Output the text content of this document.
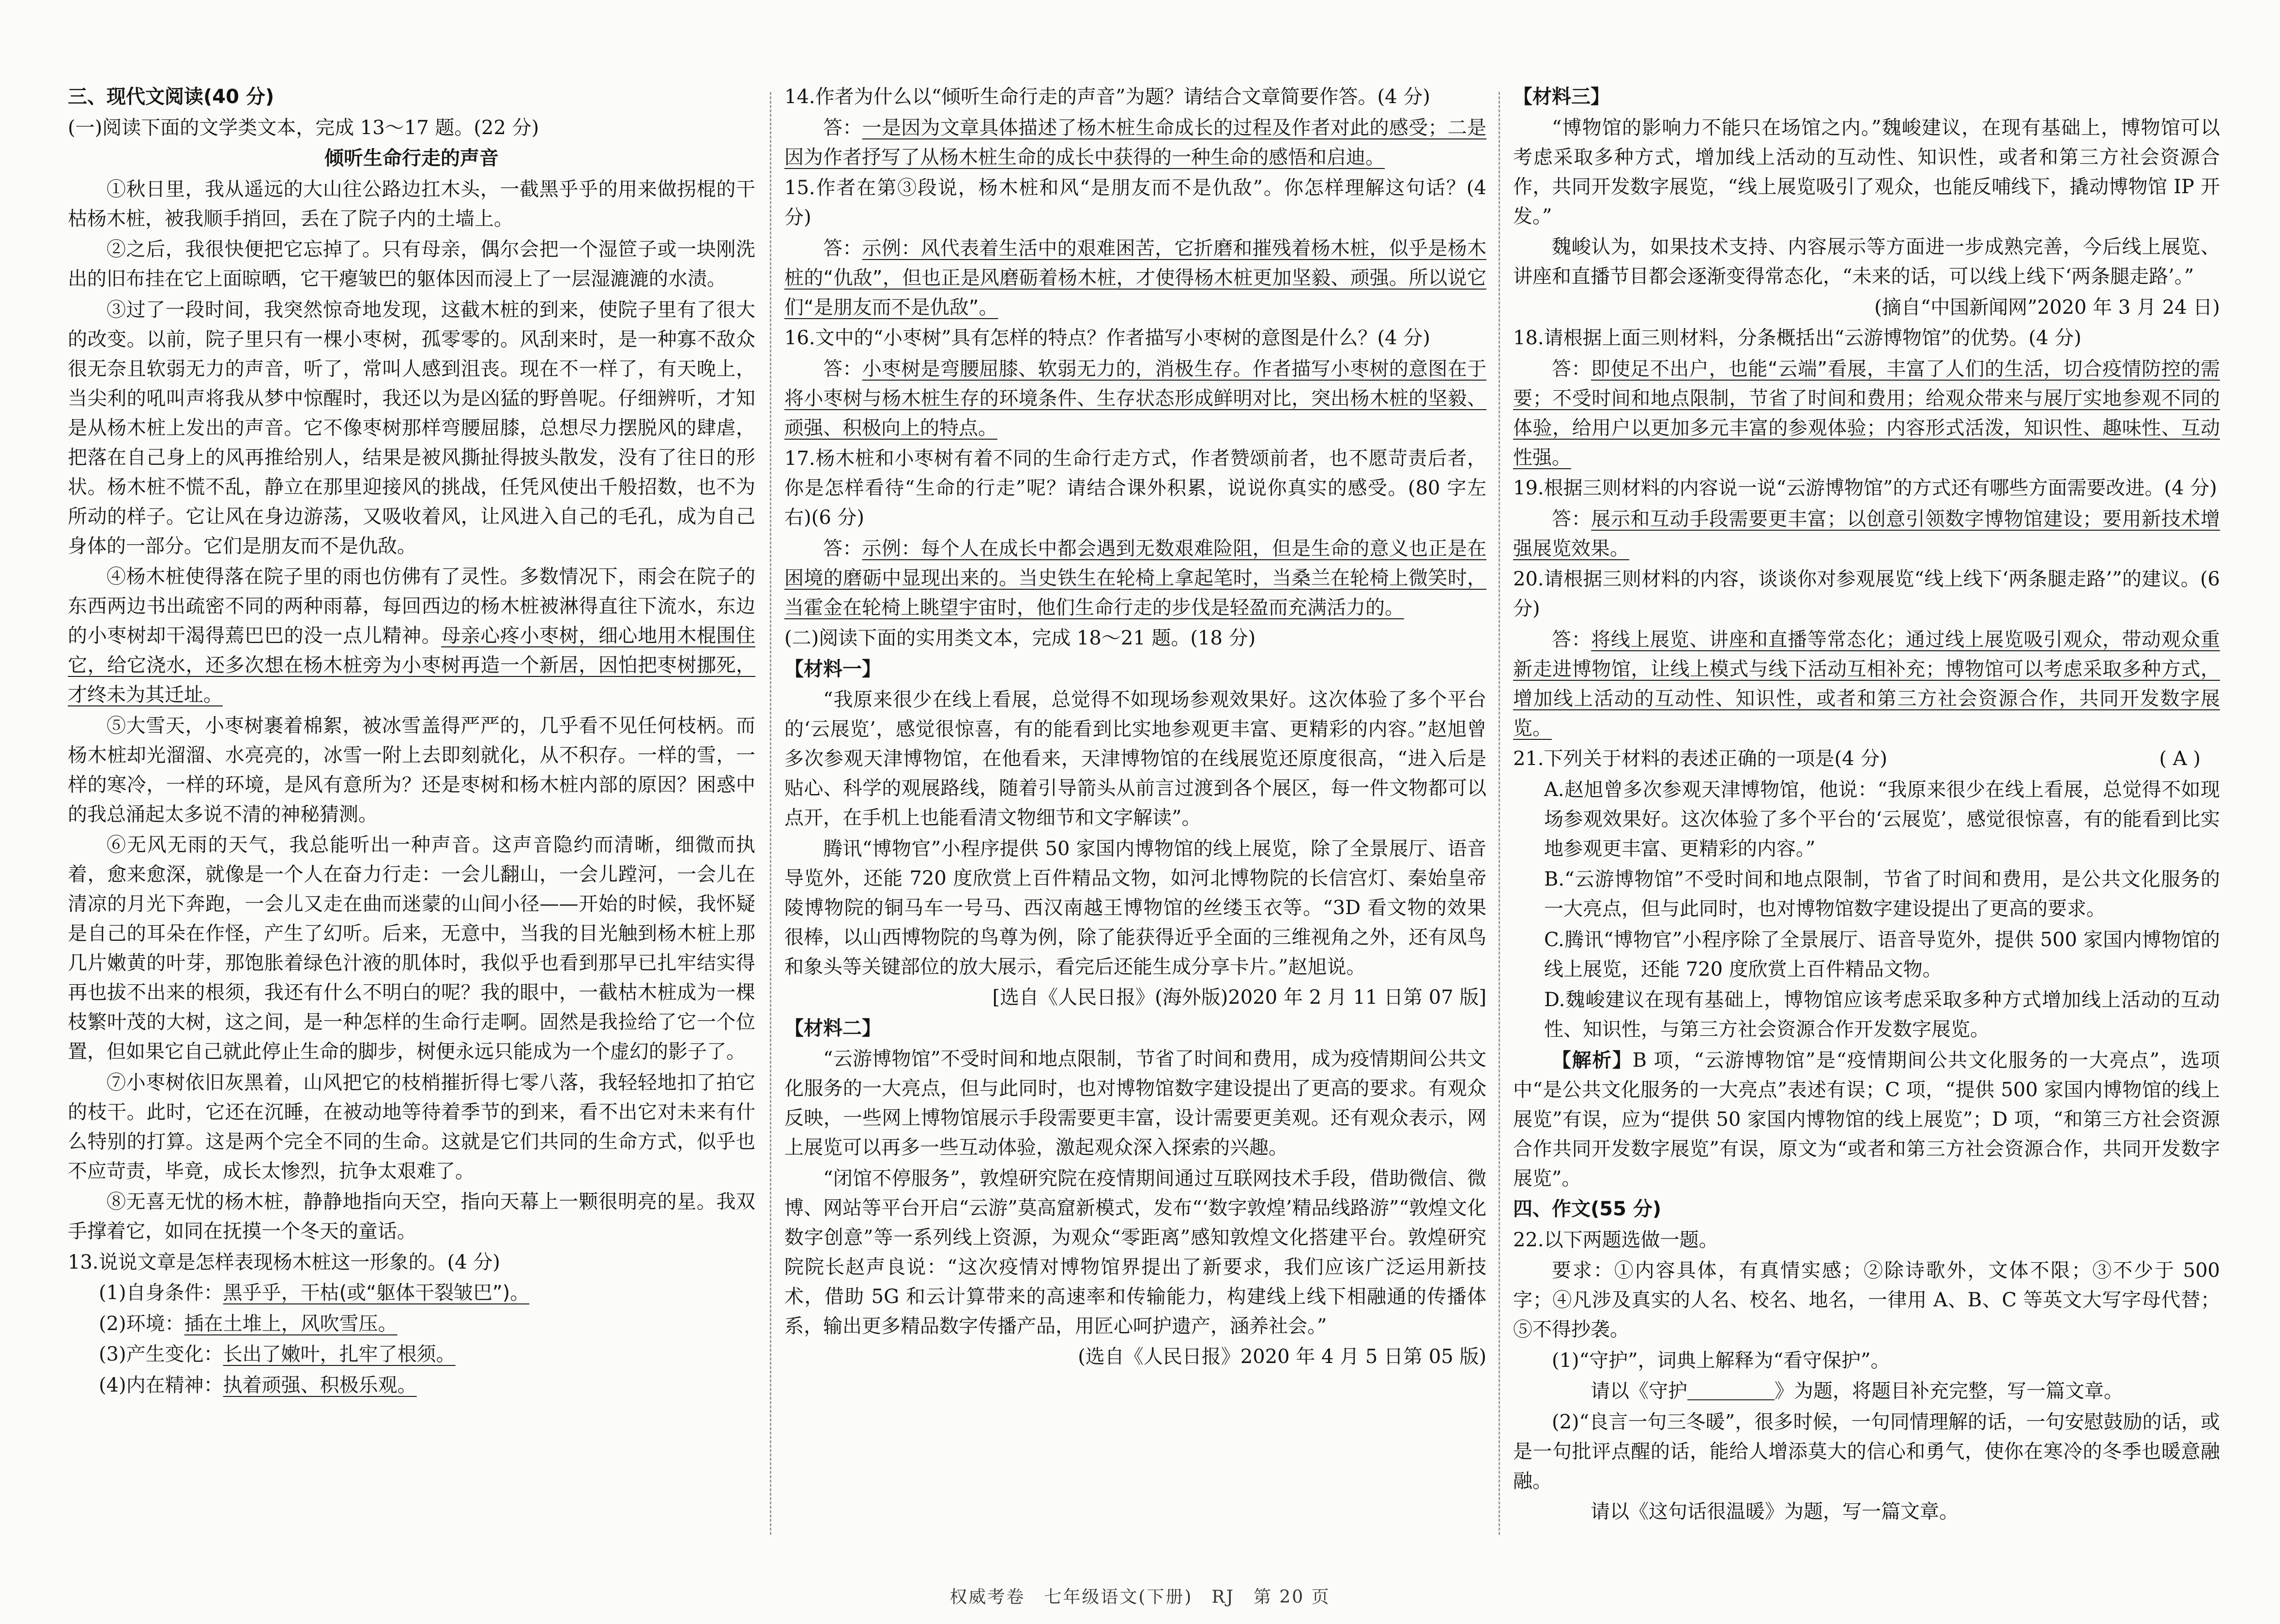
三、现代文阅读(40 分)

(一)阅读下面的文学类文本，完成 13～17 题。(22 分)

倾听生命行走的声音

①秋日里，我从遥远的大山往公路边扛木头，一截黑乎乎的用来做拐棍的干枯杨木桩，被我顺手捎回，丢在了院子内的土墙上。

②之后，我很快便把它忘掉了。只有母亲，偶尔会把一个湿笸子或一块刚洗出的旧布挂在它上面晾晒，它干瘪皱巴的躯体因而浸上了一层湿漉漉的水渍。

③过了一段时间，我突然惊奇地发现，这截木桩的到来，使院子里有了很大的改变。以前，院子里只有一棵小枣树，孤零零的。风刮来时，是一种寡不敌众很无奈且软弱无力的声音，听了，常叫人感到沮丧。现在不一样了，有天晚上，当尖利的吼叫声将我从梦中惊醒时，我还以为是凶猛的野兽呢。仔细辨听，才知是从杨木桩上发出的声音。它不像枣树那样弯腰屈膝，总想尽力摆脱风的肆虐，把落在自己身上的风再推给别人，结果是被风撕扯得披头散发，没有了往日的形状。杨木桩不慌不乱，静立在那里迎接风的挑战，任凭风使出千般招数，也不为所动的样子。它让风在身边游荡，又吸收着风，让风进入自己的毛孔，成为自己身体的一部分。它们是朋友而不是仇敌。

④杨木桩使得落在院子里的雨也仿佛有了灵性。多数情况下，雨会在院子的东西两边书出疏密不同的两种雨幕，每回西边的杨木桩被淋得直往下流水，东边的小枣树却干渴得蔫巴巴的没一点儿精神。母亲心疼小枣树，细心地用木棍围住它，给它浇水，还多次想在杨木桩旁为小枣树再造一个新居，因怕把枣树挪死，才终未为其迁址。

⑤大雪天，小枣树裹着棉絮，被冰雪盖得严严的，几乎看不见任何枝柄。而杨木桩却光溜溜、水亮亮的，冰雪一附上去即刻就化，从不积存。一样的雪，一样的寒冷，一样的环境，是风有意所为？还是枣树和杨木桩内部的原因？困惑中的我总涌起太多说不清的神秘猜测。

⑥无风无雨的天气，我总能听出一种声音。这声音隐约而清晰，细微而执着，愈来愈深，就像是一个人在奋力行走：一会儿翻山，一会儿蹚河，一会儿在清凉的月光下奔跑，一会儿又走在曲而迷蒙的山间小径——开始的时候，我怀疑是自己的耳朵在作怪，产生了幻听。后来，无意中，当我的目光触到杨木桩上那几片嫩黄的叶芽，那饱胀着绿色汁液的肌体时，我似乎也看到那早已扎牢结实得再也拔不出来的根须，我还有什么不明白的呢？我的眼中，一截枯木桩成为一棵枝繁叶茂的大树，这之间，是一种怎样的生命行走啊。固然是我捡给了它一个位置，但如果它自己就此停止生命的脚步，树便永远只能成为一个虚幻的影子了。

⑦小枣树依旧灰黑着，山风把它的枝梢摧折得七零八落，我轻轻地扣了拍它的枝干。此时，它还在沉睡，在被动地等待着季节的到来，看不出它对未来有什么特别的打算。这是两个完全不同的生命。这就是它们共同的生命方式，似乎也不应苛责，毕竟，成长太惨烈，抗争太艰难了。

⑧无喜无忧的杨木桩，静静地指向天空，指向天幕上一颗很明亮的星。我双手撑着它，如同在抚摸一个冬天的童话。

13.说说文章是怎样表现杨木桩这一形象的。(4 分)

(1)自身条件：黑乎乎，干枯(或“躯体干裂皱巴”)。

(2)环境：插在土堆上，风吹雪压。

(3)产生变化：长出了嫩叶，扎牢了根须。

(4)内在精神：执着顽强、积极乐观。

14.作者为什么以“倾听生命行走的声音”为题？请结合文章简要作答。(4 分)

答：一是因为文章具体描述了杨木桩生命成长的过程及作者对此的感受；二是因为作者抒写了从杨木桩生命的成长中获得的一种生命的感悟和启迪。

15.作者在第③段说，杨木桩和风“是朋友而不是仇敌”。你怎样理解这句话？(4 分)

答：示例：风代表着生活中的艰难困苦，它折磨和摧残着杨木桩，似乎是杨木桩的“仇敌”，但也正是风磨砺着杨木桩，才使得杨木桩更加坚毅、顽强。所以说它们“是朋友而不是仇敌”。

16.文中的“小枣树”具有怎样的特点？作者描写小枣树的意图是什么？(4 分)

答：小枣树是弯腰屈膝、软弱无力的，消极生存。作者描写小枣树的意图在于将小枣树与杨木桩生存的环境条件、生存状态形成鲜明对比，突出杨木桩的坚毅、顽强、积极向上的特点。

17.杨木桩和小枣树有着不同的生命行走方式，作者赞颂前者，也不愿苛责后者，你是怎样看待“生命的行走”呢？请结合课外积累，说说你真实的感受。(80 字左右)(6 分)

答：示例：每个人在成长中都会遇到无数艰难险阻，但是生命的意义也正是在困境的磨砺中显现出来的。当史铁生在轮椅上拿起笔时，当桑兰在轮椅上微笑时，当霍金在轮椅上眺望宇宙时，他们生命行走的步伐是轻盈而充满活力的。

(二)阅读下面的实用类文本，完成 18～21 题。(18 分)

【材料一】

“我原来很少在线上看展，总觉得不如现场参观效果好。这次体验了多个平台的‘云展览’，感觉很惊喜，有的能看到比实地参观更丰富、更精彩的内容。”赵旭曾多次参观天津博物馆，在他看来，天津博物馆的在线展览还原度很高，“进入后是贴心、科学的观展路线，随着引导箭头从前言过渡到各个展区，每一件文物都可以点开，在手机上也能看清文物细节和文字解读”。

腾讯“博物官”小程序提供 50 家国内博物馆的线上展览，除了全景展厅、语音导览外，还能 720 度欣赏上百件精品文物，如河北博物院的长信宫灯、秦始皇帝陵博物院的铜马车一号马、西汉南越王博物馆的丝缕玉衣等。“3D 看文物的效果很棒，以山西博物院的鸟尊为例，除了能获得近乎全面的三维视角之外，还有凤鸟和象头等关键部位的放大展示，看完后还能生成分享卡片。”赵旭说。

[选自《人民日报》(海外版)2020 年 2 月 11 日第 07 版]

【材料二】

“云游博物馆”不受时间和地点限制，节省了时间和费用，成为疫情期间公共文化服务的一大亮点，但与此同时，也对博物馆数字建设提出了更高的要求。有观众反映，一些网上博物馆展示手段需要更丰富，设计需要更美观。还有观众表示，网上展览可以再多一些互动体验，激起观众深入探索的兴趣。

“闭馆不停服务”，敦煌研究院在疫情期间通过互联网技术手段，借助微信、微博、网站等平台开启“云游”莫高窟新模式，发布“‘数字敦煌’精品线路游”“敦煌文化数字创意”等一系列线上资源，为观众“零距离”感知敦煌文化搭建平台。敦煌研究院院长赵声良说：“这次疫情对博物馆界提出了新要求，我们应该广泛运用新技术，借助 5G 和云计算带来的高速率和传输能力，构建线上线下相融通的传播体系，输出更多精品数字传播产品，用匠心呵护遗产，涵养社会。”

(选自《人民日报》2020 年 4 月 5 日第 05 版)

【材料三】

“博物馆的影响力不能只在场馆之内。”魏峻建议，在现有基础上，博物馆可以考虑采取多种方式，增加线上活动的互动性、知识性，或者和第三方社会资源合作，共同开发数字展览，“线上展览吸引了观众，也能反哺线下，撬动博物馆 IP 开发。”

魏峻认为，如果技术支持、内容展示等方面进一步成熟完善，今后线上展览、讲座和直播节目都会逐渐变得常态化，“未来的话，可以线上线下‘两条腿走路’。”

(摘自“中国新闻网”2020 年 3 月 24 日)

18.请根据上面三则材料，分条概括出“云游博物馆”的优势。(4 分)

答：即使足不出户，也能“云端”看展，丰富了人们的生活，切合疫情防控的需要；不受时间和地点限制，节省了时间和费用；给观众带来与展厅实地参观不同的体验，给用户以更加多元丰富的参观体验；内容形式活泼，知识性、趣味性、互动性强。

19.根据三则材料的内容说一说“云游博物馆”的方式还有哪些方面需要改进。(4 分)

答：展示和互动手段需要更丰富；以创意引领数字博物馆建设；要用新技术增强展览效果。

20.请根据三则材料的内容，谈谈你对参观展览“线上线下‘两条腿走路’”的建议。(6 分)

答：将线上展览、讲座和直播等常态化；通过线上展览吸引观众，带动观众重新走进博物馆，让线上模式与线下活动互相补充；博物馆可以考虑采取多种方式，增加线上活动的互动性、知识性，或者和第三方社会资源合作，共同开发数字展览。

21.下列关于材料的表述正确的一项是(4 分)	( A )

A.赵旭曾多次参观天津博物馆，他说：“我原来很少在线上看展，总觉得不如现场参观效果好。这次体验了多个平台的‘云展览’，感觉很惊喜，有的能看到比实地参观更丰富、更精彩的内容。”

B.“云游博物馆”不受时间和地点限制，节省了时间和费用，是公共文化服务的一大亮点，但与此同时，也对博物馆数字建设提出了更高的要求。

C.腾讯“博物官”小程序除了全景展厅、语音导览外，提供 500 家国内博物馆的线上展览，还能 720 度欣赏上百件精品文物。

D.魏峻建议在现有基础上，博物馆应该考虑采取多种方式增加线上活动的互动性、知识性，与第三方社会资源合作开发数字展览。

【解析】B 项，“云游博物馆”是“疫情期间公共文化服务的一大亮点”，选项中“是公共文化服务的一大亮点”表述有误；C 项，“提供 500 家国内博物馆的线上展览”有误，应为“提供 50 家国内博物馆的线上展览”；D 项，“和第三方社会资源合作共同开发数字展览”有误，原文为“或者和第三方社会资源合作，共同开发数字展览”。

四、作文(55 分)

22.以下两题选做一题。

要求：①内容具体，有真情实感；②除诗歌外，文体不限；③不少于 500 字；④凡涉及真实的人名、校名、地名，一律用 A、B、C 等英文大写字母代替；⑤不得抄袭。

(1)“守护”，词典上解释为“看守保护”。

请以《守护	》为题，将题目补充完整，写一篇文章。

(2)“良言一句三冬暖”，很多时候，一句同情理解的话，一句安慰鼓励的话，或是一句批评点醒的话，能给人增添莫大的信心和勇气，使你在寒冷的冬季也暖意融融。

请以《这句话很温暖》为题，写一篇文章。

权威考卷　七年级语文(下册)　RJ　第 20 页
